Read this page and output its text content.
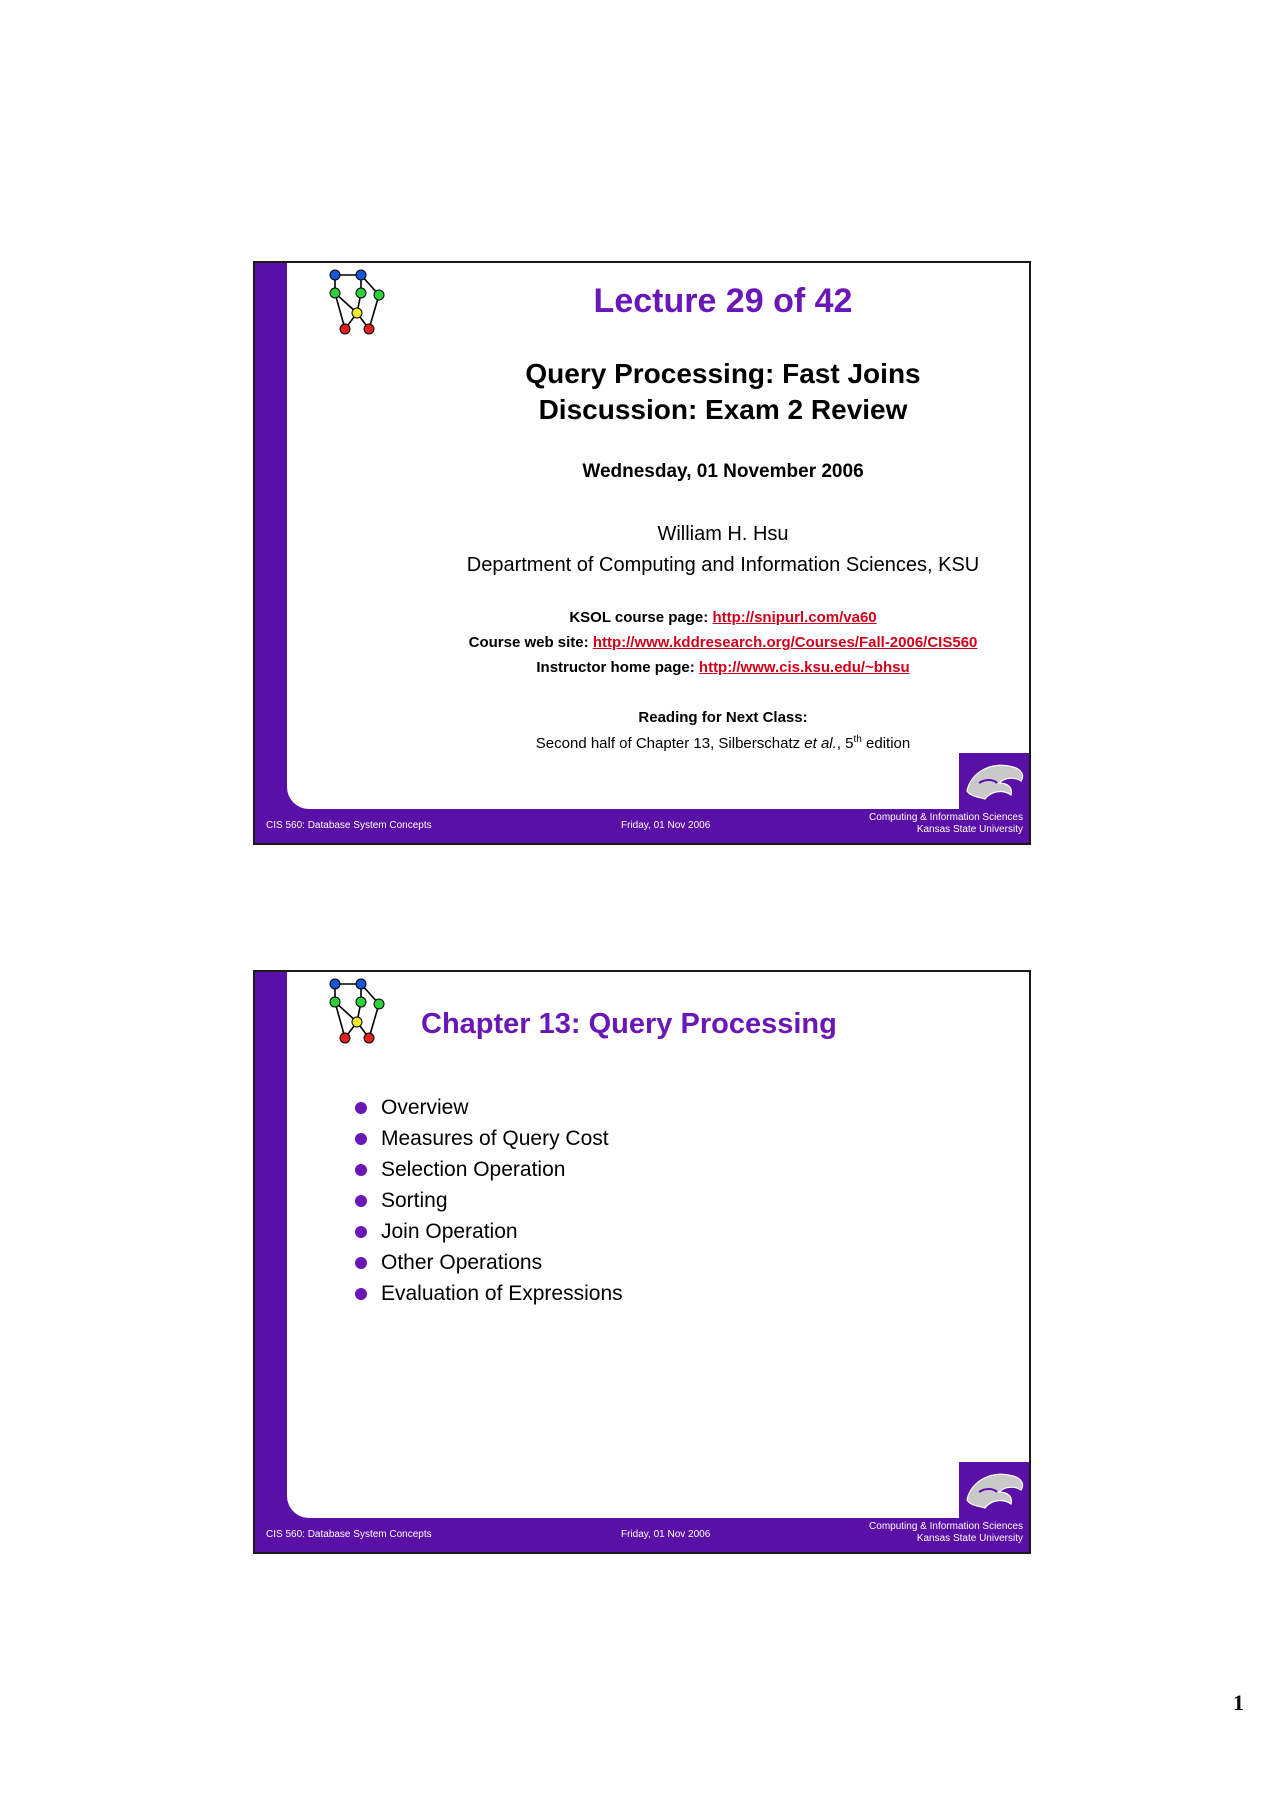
Lecture 29 of 42
Query Processing: Fast Joins
Discussion: Exam 2 Review
Wednesday, 01 November 2006
William H. Hsu
Department of Computing and Information Sciences, KSU
KSOL course page: http://snipurl.com/va60
Course web site: http://www.kddresearch.org/Courses/Fall-2006/CIS560
Instructor home page: http://www.cis.ksu.edu/~bhsu
Reading for Next Class:
Second half of Chapter 13, Silberschatz et al., 5th edition
CIS 560: Database System Concepts	Friday, 01 Nov 2006
Computing & Information Sciences
Kansas State University
Chapter 13: Query Processing
Overview
Measures of Query Cost
Selection Operation
Sorting
Join Operation
Other Operations
Evaluation of Expressions
CIS 560: Database System Concepts	Friday, 01 Nov 2006
Computing & Information Sciences
Kansas State University
1
